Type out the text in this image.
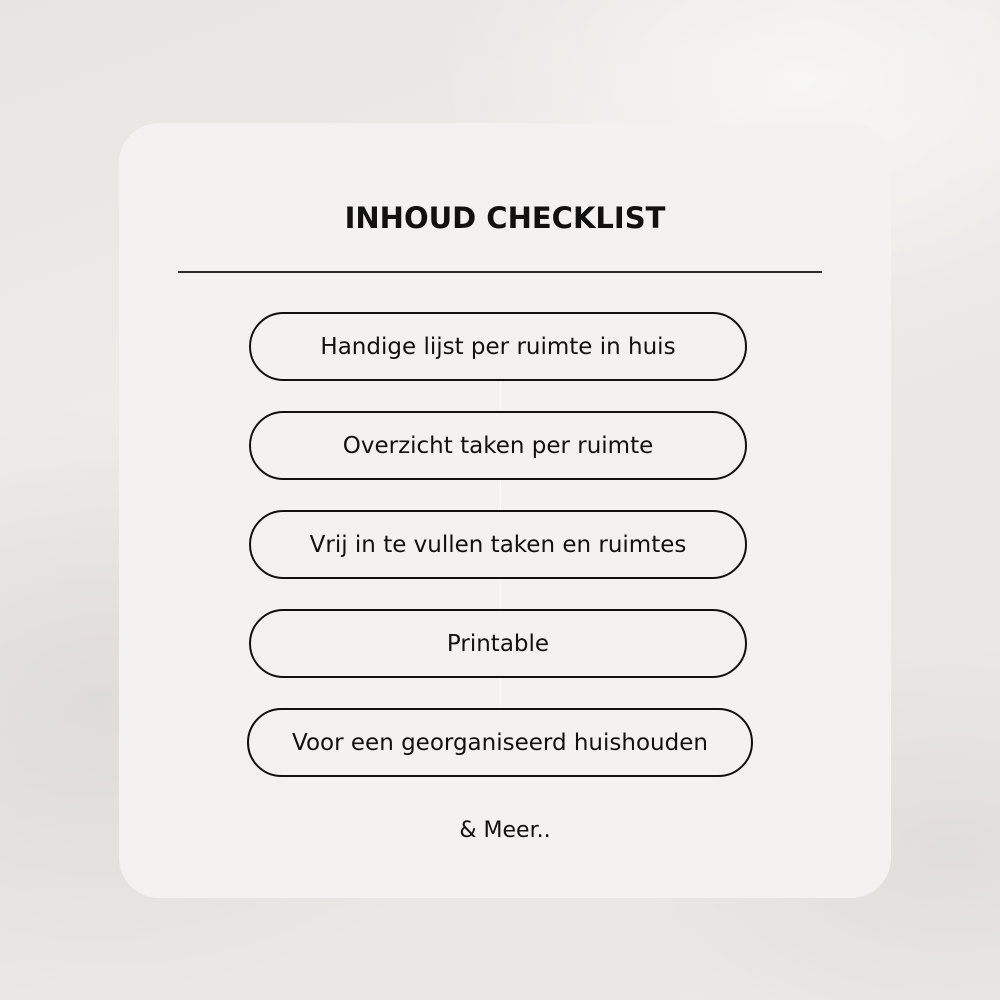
INHOUD CHECKLIST
Handige lijst per ruimte in huis
Overzicht taken per ruimte
Vrij in te vullen taken en ruimtes
Printable
Voor een georganiseerd huishouden
& Meer..
